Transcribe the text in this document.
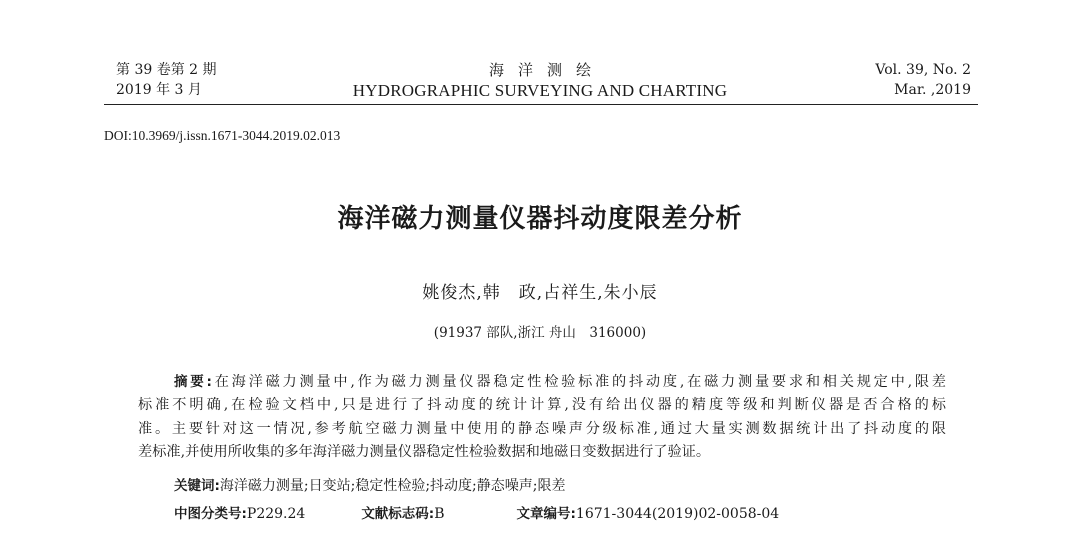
第 39 卷第 2 期
2019 年 3 月
海洋测绘
HYDROGRAPHIC SURVEYING AND CHARTING
Vol. 39, No. 2
Mar. ,2019
DOI:10.3969/j.issn.1671-3044.2019.02.013
海洋磁力测量仪器抖动度限差分析
姚俊杰,韩　政,占祥生,朱小辰
(91937 部队,浙江 舟山　316000)
摘要:在海洋磁力测量中,作为磁力测量仪器稳定性检验标准的抖动度,在磁力测量要求和相关规定中,限差
标准不明确,在检验文档中,只是进行了抖动度的统计计算,没有给出仪器的精度等级和判断仪器是否合格的标
准。主要针对这一情况,参考航空磁力测量中使用的静态噪声分级标准,通过大量实测数据统计出了抖动度的限
差标准,并使用所收集的多年海洋磁力测量仪器稳定性检验数据和地磁日变数据进行了验证。
关键词:海洋磁力测量;日变站;稳定性检验;抖动度;静态噪声;限差
中图分类号:P229.24	文献标志码:B	文章编号:1671-3044(2019)02-0058-04
